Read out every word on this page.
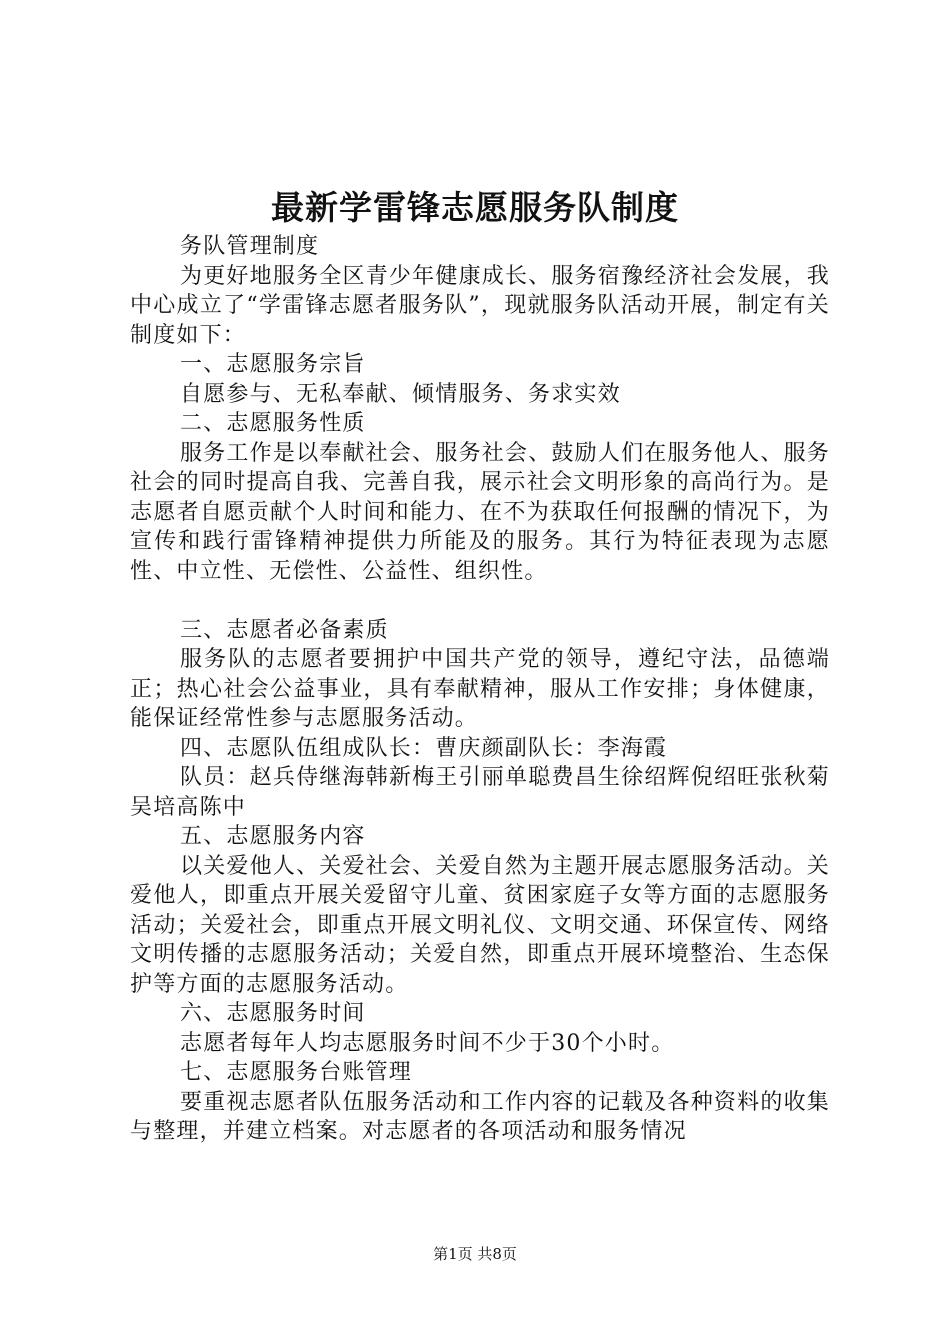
最新学雷锋志愿服务队制度

务队管理制度

为更好地服务全区青少年健康成长、服务宿豫经济社会发展，我中心成立了“学雷锋志愿者服务队”，现就服务队活动开展，制定有关制度如下：

一、志愿服务宗旨

自愿参与、无私奉献、倾情服务、务求实效

二、志愿服务性质

服务工作是以奉献社会、服务社会、鼓励人们在服务他人、服务社会的同时提高自我、完善自我，展示社会文明形象的高尚行为。是志愿者自愿贡献个人时间和能力、在不为获取任何报酬的情况下，为宣传和践行雷锋精神提供力所能及的服务。其行为特征表现为志愿性、中立性、无偿性、公益性、组织性。

三、志愿者必备素质

服务队的志愿者要拥护中国共产党的领导，遵纪守法，品德端正；热心社会公益事业，具有奉献精神，服从工作安排；身体健康，能保证经常性参与志愿服务活动。

四、志愿队伍组成队长：曹庆颜副队长：李海霞

队员：赵兵侍继海韩新梅王引丽单聪费昌生徐绍辉倪绍旺张秋菊吴培高陈中

五、志愿服务内容

以关爱他人、关爱社会、关爱自然为主题开展志愿服务活动。关爱他人，即重点开展关爱留守儿童、贫困家庭子女等方面的志愿服务活动；关爱社会，即重点开展文明礼仪、文明交通、环保宣传、网络文明传播的志愿服务活动；关爱自然，即重点开展环境整治、生态保护等方面的志愿服务活动。

六、志愿服务时间

志愿者每年人均志愿服务时间不少于30个小时。

七、志愿服务台账管理

要重视志愿者队伍服务活动和工作内容的记载及各种资料的收集与整理，并建立档案。对志愿者的各项活动和服务情况

第1页 共8页
